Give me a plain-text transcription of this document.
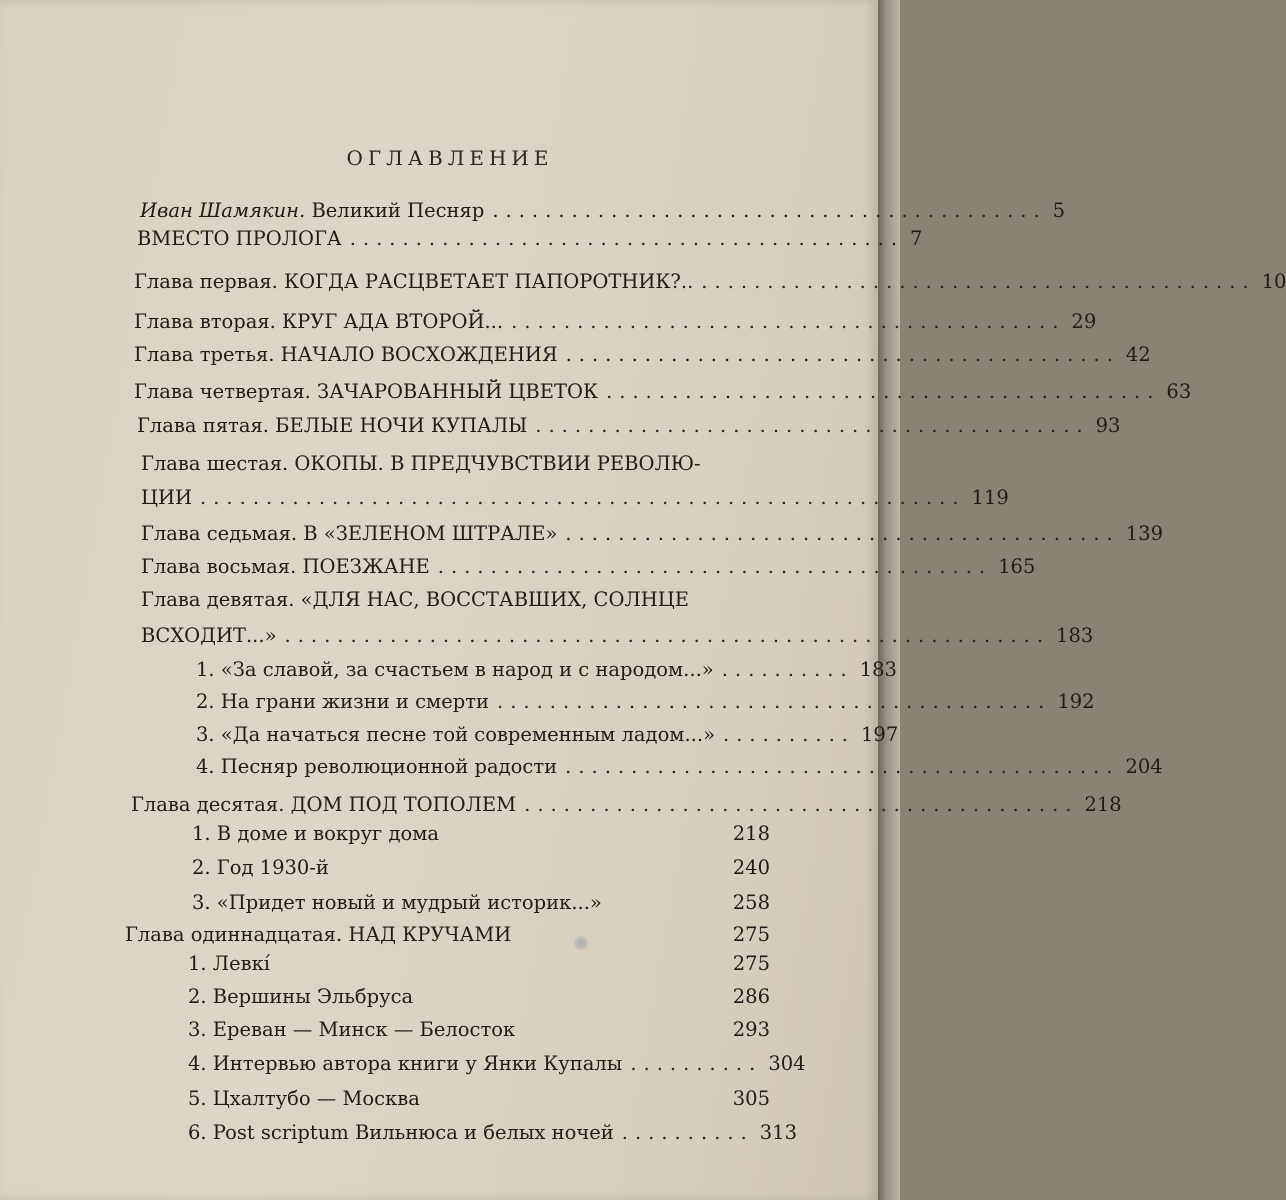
ОГЛАВЛЕНИЕ
Иван Шамякин. Великий Песняр .......................................... 5
ВМЕСТО ПРОЛОГА .......................................... 7
Глава первая. КОГДА РАСЦВЕТАЕТ ПАПОРОТНИК?.. .......................................... 10
Глава вторая. КРУГ АДА ВТОРОЙ... .......................................... 29
Глава третья. НАЧАЛО ВОСХОЖДЕНИЯ .......................................... 42
Глава четвертая. ЗАЧАРОВАННЫЙ ЦВЕТОК .......................................... 63
Глава пятая. БЕЛЫЕ НОЧИ КУПАЛЫ .......................................... 93
Глава шестая. ОКОПЫ. В ПРЕДЧУВСТВИИ РЕВОЛЮ-
ЦИИ .......................................................... 119
Глава седьмая. В «ЗЕЛЕНОМ ШТРАЛЕ» .......................................... 139
Глава восьмая. ПОЕЗЖАНЕ .......................................... 165
Глава девятая. «ДЛЯ НАС, ВОССТАВШИХ, СОЛНЦЕ
ВСХОДИТ...» .......................................................... 183
1. «За славой, за счастьем в народ и с народом...» .......... 183
2. На грани жизни и смерти .......................................... 192
3. «Да начаться песне той современным ладом...» .......... 197
4. Песняр революционной радости .......................................... 204
Глава десятая. ДОМ ПОД ТОПОЛЕМ .......................................... 218
1. В доме и вокруг дома	218
2. Год 1930-й	240
3. «Придет новый и мудрый историк...»	258
Глава одиннадцатая. НАД КРУЧАМИ	275
1. Левкí	275
2. Вершины Эльбруса	286
3. Ереван — Минск — Белосток	293
4. Интервью автора книги у Янки Купалы .......... 304
5. Цхалтубо — Москва	305
6. Post scriptum Вильнюса и белых ночей .......... 313
